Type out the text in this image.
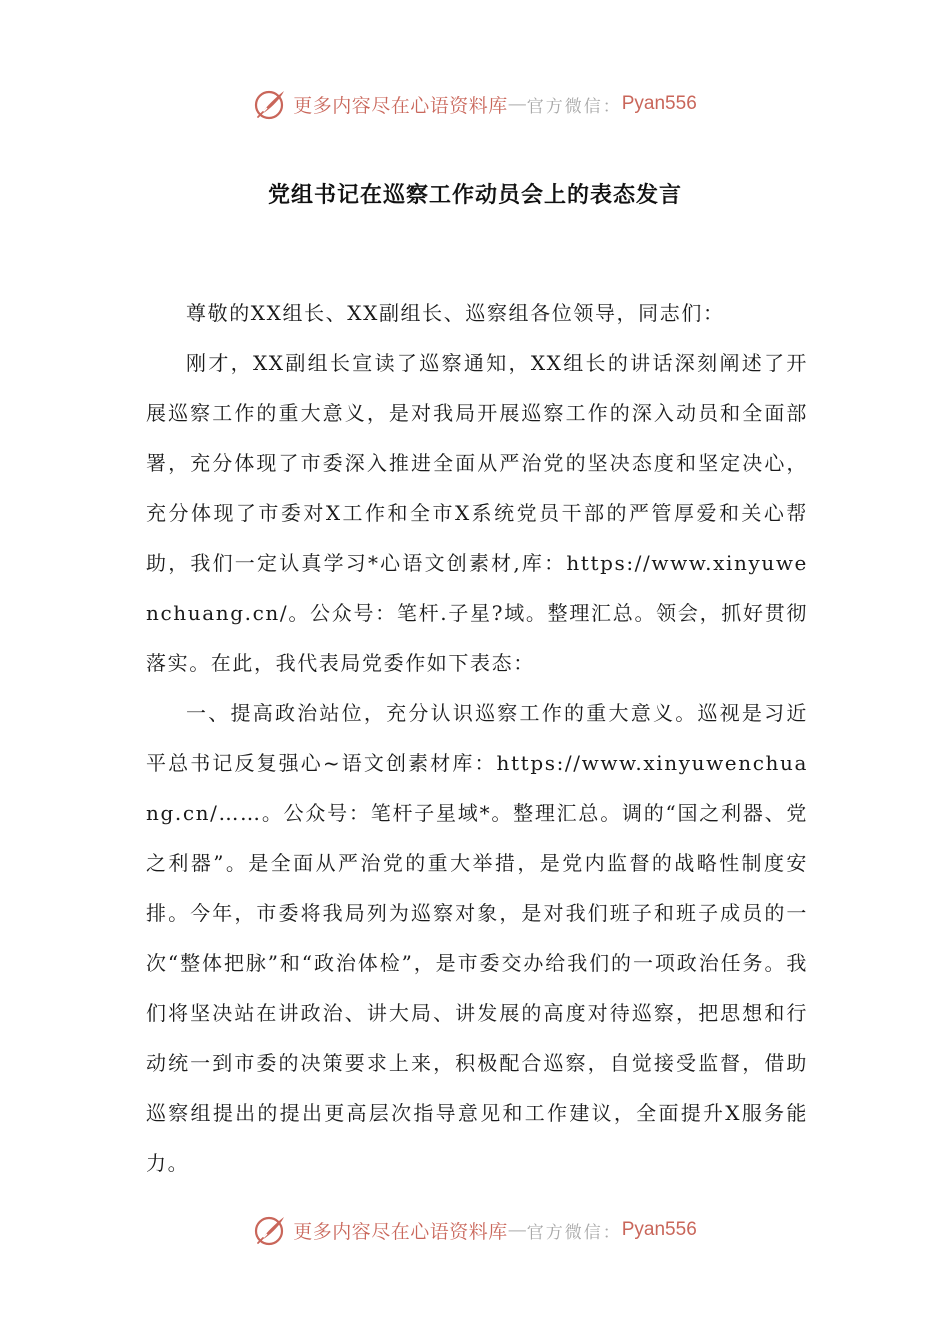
更多内容尽在心语资料库 — 官方微信： Pyan556
党组书记在巡察工作动员会上的表态发言

尊敬的XX组长、XX副组长、巡察组各位领导，同志们：

刚才，XX副组长宣读了巡察通知，XX组长的讲话深刻阐述了开展巡察工作的重大意义，是对我局开展巡察工作的深入动员和全面部署，充分体现了市委深入推进全面从严治党的坚决态度和坚定决心，充分体现了市委对X工作和全市X系统党员干部的严管厚爱和关心帮助，我们一定认真学习*心语文创素材,库：https://www.xinyuwenchuang.cn/。公众号：笔杆.子星?域。整理汇总。领会，抓好贯彻落实。在此，我代表局党委作如下表态：

一、提高政治站位，充分认识巡察工作的重大意义。巡视是习近平总书记反复强心~语文创素材库：https://www.xinyuwenchuang.cn/……。公众号：笔杆子星域*。整理汇总。调的“国之利器、党之利器”。是全面从严治党的重大举措，是党内监督的战略性制度安排。今年，市委将我局列为巡察对象，是对我们班子和班子成员的一次“整体把脉”和“政治体检”，是市委交办给我们的一项政治任务。我们将坚决站在讲政治、讲大局、讲发展的高度对待巡察，把思想和行动统一到市委的决策要求上来，积极配合巡察，自觉接受监督，借助巡察组提出的提出更高层次指导意见和工作建议，全面提升X服务能力。

更多内容尽在心语资料库 — 官方微信： Pyan556
